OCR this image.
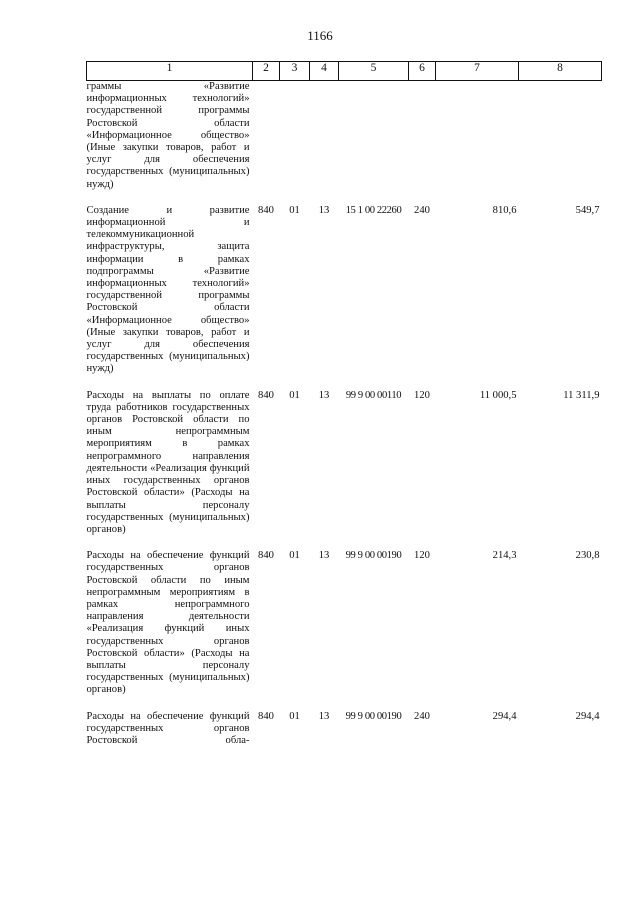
1166
1	2	3	4	5	6	7	8
граммы «Развитие информационных технологий» государственной программы Ростовской области «Информационное общество» (Иные закупки товаров, работ и услуг для обеспечения государственных (муниципальных) нужд)							

Создание и развитие информационной и телекоммуникационной инфраструктуры, защита информации в рамках подпрограммы «Развитие информационных технологий» государственной программы Ростовской области «Информационное общество» (Иные закупки товаров, работ и услуг для обеспечения государственных (муниципальных) нужд)	840	01	13	15 1 00 22260	240	810,6	549,7

Расходы на выплаты по оплате труда работников государственных органов Ростовской области по иным непрограммным мероприятиям в рамках непрограммного направления деятельности «Реализация функций иных государственных органов Ростовской области» (Расходы на выплаты персоналу государственных (муниципальных) органов)	840	01	13	99 9 00 00110	120	11 000,5	11 311,9

Расходы на обеспечение функций государственных органов Ростовской области по иным непрограммным мероприятиям в рамках непрограммного направления деятельности «Реализация функций иных государственных органов Ростовской области» (Расходы на выплаты персоналу государственных (муниципальных) органов)	840	01	13	99 9 00 00190	120	214,3	230,8

Расходы на обеспечение функций государственных органов Ростовской обла-	840	01	13	99 9 00 00190	240	294,4	294,4
